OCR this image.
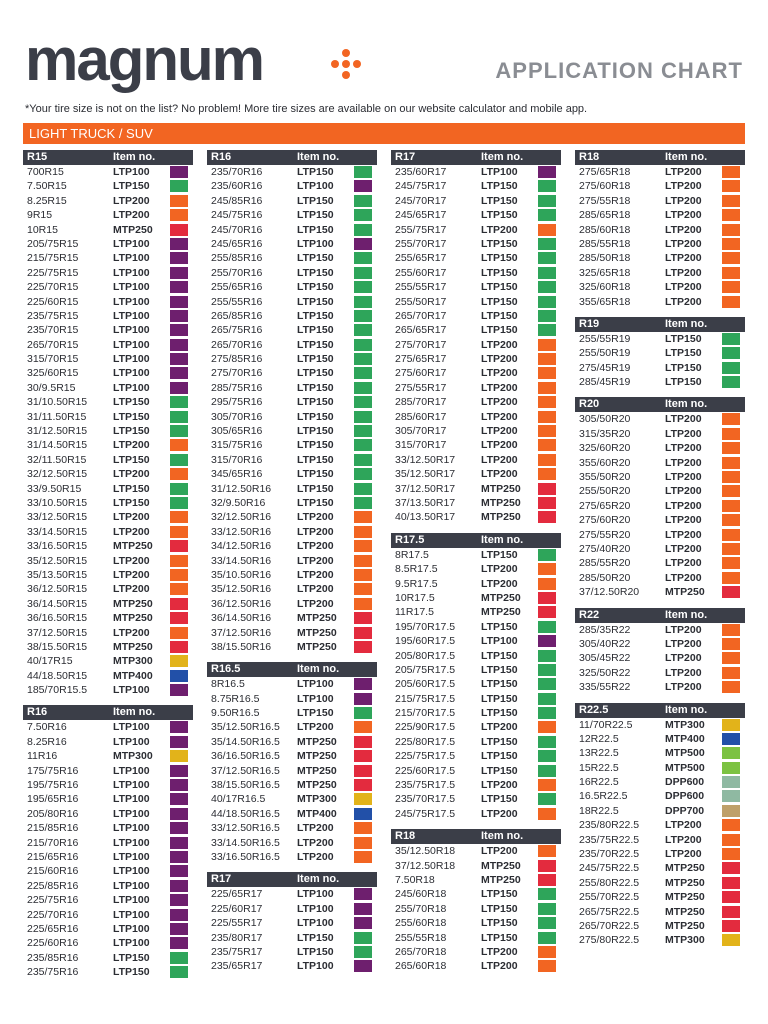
magnum	APPLICATION CHART
*Your tire size is not on the list? No problem! More tire sizes are available on our website calculator and mobile app.
LIGHT TRUCK / SUV
R15	Item no.
700R15	LTP100
7.50R15	LTP150
8.25R15	LTP200
9R15	LTP200
10R15	MTP250
205/75R15	LTP100
215/75R15	LTP100
225/75R15	LTP100
225/70R15	LTP100
225/60R15	LTP100
235/75R15	LTP100
235/70R15	LTP100
265/70R15	LTP100
315/70R15	LTP100
325/60R15	LTP100
30/9.5R15	LTP100
31/10.50R15 LTP150
31/11.50R15	LTP150
31/12.50R15 LTP150
31/14.50R15 LTP200
32/11.50R15	LTP150
32/12.50R15 LTP200
33/9.50R15	LTP150
33/10.50R15 LTP150
33/12.50R15 LTP200
33/14.50R15 LTP200
33/16.50R15 MTP250
35/12.50R15 LTP200
35/13.50R15 LTP200
36/12.50R15 LTP200
36/14.50R15 MTP250
36/16.50R15 MTP250
37/12.50R15 LTP200
38/15.50R15 MTP250
40/17R15	MTP300
44/18.50R15 MTP400
185/70R15.5 LTP100
R16	Item no.
7.50R16	LTP100
8.25R16	LTP100
11R16	MTP300
175/75R16	LTP100
195/75R16	LTP100
195/65R16	LTP100
205/80R16	LTP100
215/85R16	LTP100
215/70R16	LTP100
215/65R16	LTP100
215/60R16	LTP100
225/85R16	LTP100
225/75R16	LTP100
225/70R16	LTP100
225/65R16	LTP100
225/60R16	LTP100
235/85R16	LTP150
235/75R16	LTP150
R16	Item no.
235/70R16	LTP150
235/60R16	LTP100
245/85R16	LTP150
245/75R16	LTP150
245/70R16	LTP150
245/65R16	LTP100
255/85R16	LTP150
255/70R16	LTP150
255/65R16	LTP150
255/55R16	LTP150
265/85R16	LTP150
265/75R16	LTP150
265/70R16	LTP150
275/85R16	LTP150
275/70R16	LTP150
285/75R16	LTP150
295/75R16	LTP150
305/70R16	LTP150
305/65R16	LTP150
315/75R16	LTP150
315/70R16	LTP150
345/65R16	LTP150
31/12.50R16 LTP150
32/9.50R16	LTP150
32/12.50R16 LTP200
33/12.50R16 LTP200
34/12.50R16 LTP200
33/14.50R16 LTP200
35/10.50R16 LTP200
35/12.50R16 LTP200
36/12.50R16 LTP200
36/14.50R16 MTP250
37/12.50R16 MTP250
38/15.50R16 MTP250
R16.5	Item no.
8R16.5	LTP100
8.75R16.5	LTP100
9.50R16.5	LTP150
35/12.50R16.5 LTP200
35/14.50R16.5 MTP250
36/16.50R16.5 MTP250
37/12.50R16.5 MTP250
38/15.50R16.5 MTP250
40/17R16.5	MTP300
44/18.50R16.5 MTP400
33/12.50R16.5 LTP200
33/14.50R16.5 LTP200
33/16.50R16.5 LTP200
R17	Item no.
225/65R17	LTP100
225/60R17	LTP100
225/55R17	LTP100
235/80R17	LTP150
235/75R17	LTP150
235/65R17	LTP100
R17	Item no.
235/60R17	LTP100
245/75R17	LTP150
245/70R17	LTP150
245/65R17	LTP150
255/75R17	LTP200
255/70R17	LTP150
255/65R17	LTP150
255/60R17	LTP150
255/55R17	LTP150
255/50R17	LTP150
265/70R17	LTP150
265/65R17	LTP150
275/70R17	LTP200
275/65R17	LTP200
275/60R17	LTP200
275/55R17	LTP200
285/70R17	LTP200
285/60R17	LTP200
305/70R17	LTP200
315/70R17	LTP200
33/12.50R17 LTP200
35/12.50R17 LTP200
37/12.50R17 MTP250
37/13.50R17 MTP250
40/13.50R17 MTP250
R17.5	Item no.
8R17.5	LTP150
8.5R17.5	LTP200
9.5R17.5	LTP200
10R17.5	MTP250
11R17.5	MTP250
195/70R17.5 LTP150
195/60R17.5 LTP100
205/80R17.5 LTP150
205/75R17.5 LTP150
205/60R17.5 LTP150
215/75R17.5 LTP150
215/70R17.5 LTP150
225/90R17.5 LTP200
225/80R17.5 LTP150
225/75R17.5 LTP150
225/60R17.5 LTP150
235/75R17.5 LTP200
235/70R17.5 LTP150
245/75R17.5 LTP200
R18	Item no.
35/12.50R18 LTP200
37/12.50R18 MTP250
7.50R18	MTP250
245/60R18	LTP150
255/70R18	LTP150
255/60R18	LTP150
255/55R18	LTP150
265/70R18	LTP200
265/60R18	LTP200
R18	Item no.
275/65R18	LTP200
275/60R18	LTP200
275/55R18	LTP200
285/65R18	LTP200
285/60R18	LTP200
285/55R18	LTP200
285/50R18	LTP200
325/65R18	LTP200
325/60R18	LTP200
355/65R18	LTP200
R19	Item no.
255/55R19	LTP150
255/50R19	LTP150
275/45R19	LTP150
285/45R19	LTP150
R20	Item no.
305/50R20	LTP200
315/35R20	LTP200
325/60R20	LTP200
355/60R20	LTP200
355/50R20	LTP200
255/50R20	LTP200
275/65R20	LTP200
275/60R20	LTP200
275/55R20	LTP200
275/40R20	LTP200
285/55R20	LTP200
285/50R20	LTP200
37/12.50R20 MTP250
R22	Item no.
285/35R22	LTP200
305/40R22	LTP200
305/45R22	LTP200
325/50R22	LTP200
335/55R22	LTP200
R22.5	Item no.
11/70R22.5	MTP300
12R22.5	MTP400
13R22.5	MTP500
15R22.5	MTP500
16R22.5	DPP600
16.5R22.5	DPP600
18R22.5	DPP700
235/80R22.5 LTP200
235/75R22.5 LTP200
235/70R22.5 LTP200
245/75R22.5 MTP250
255/80R22.5 MTP250
255/70R22.5 MTP250
265/75R22.5 MTP250
265/70R22.5 MTP250
275/80R22.5 MTP300
